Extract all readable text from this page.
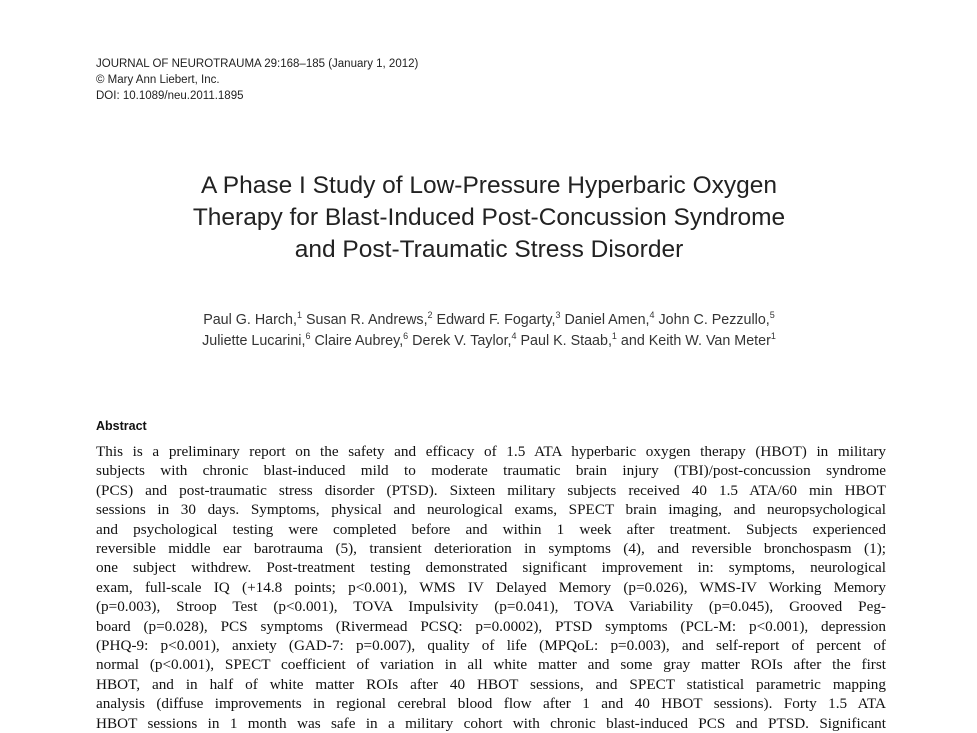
JOURNAL OF NEUROTRAUMA 29:168–185 (January 1, 2012)
© Mary Ann Liebert, Inc.
DOI: 10.1089/neu.2011.1895
A Phase I Study of Low-Pressure Hyperbaric Oxygen
Therapy for Blast-Induced Post-Concussion Syndrome
and Post-Traumatic Stress Disorder
Paul G. Harch,$^1$ Susan R. Andrews,$^2$ Edward F. Fogarty,$^3$ Daniel Amen,$^4$ John C. Pezzullo,$^5$
Juliette Lucarini,$^6$ Claire Aubrey,$^6$ Derek V. Taylor,$^4$ Paul K. Staab,$^1$ and Keith W. Van Meter$^1$
Abstract
This is a preliminary report on the safety and efficacy of 1.5 ATA hyperbaric oxygen therapy (HBOT) in military
subjects with chronic blast-induced mild to moderate traumatic brain injury (TBI)/post-concussion syndrome
(PCS) and post-traumatic stress disorder (PTSD). Sixteen military subjects received 40 1.5 ATA/60 min HBOT
sessions in 30 days. Symptoms, physical and neurological exams, SPECT brain imaging, and neuropsychological
and psychological testing were completed before and within 1 week after treatment. Subjects experienced
reversible middle ear barotrauma (5), transient deterioration in symptoms (4), and reversible bronchospasm (1);
one subject withdrew. Post-treatment testing demonstrated significant improvement in: symptoms, neurological
exam, full-scale IQ (+14.8 points; p<0.001), WMS IV Delayed Memory (p=0.026), WMS-IV Working Memory
(p=0.003), Stroop Test (p<0.001), TOVA Impulsivity (p=0.041), TOVA Variability (p=0.045), Grooved Peg-
board (p=0.028), PCS symptoms (Rivermead PCSQ: p=0.0002), PTSD symptoms (PCL-M: p<0.001), depression
(PHQ-9: p<0.001), anxiety (GAD-7: p=0.007), quality of life (MPQoL: p=0.003), and self-report of percent of
normal (p<0.001), SPECT coefficient of variation in all white matter and some gray matter ROIs after the first
HBOT, and in half of white matter ROIs after 40 HBOT sessions, and SPECT statistical parametric mapping
analysis (diffuse improvements in regional cerebral blood flow after 1 and 40 HBOT sessions). Forty 1.5 ATA
HBOT sessions in 1 month was safe in a military cohort with chronic blast-induced PCS and PTSD. Significant
